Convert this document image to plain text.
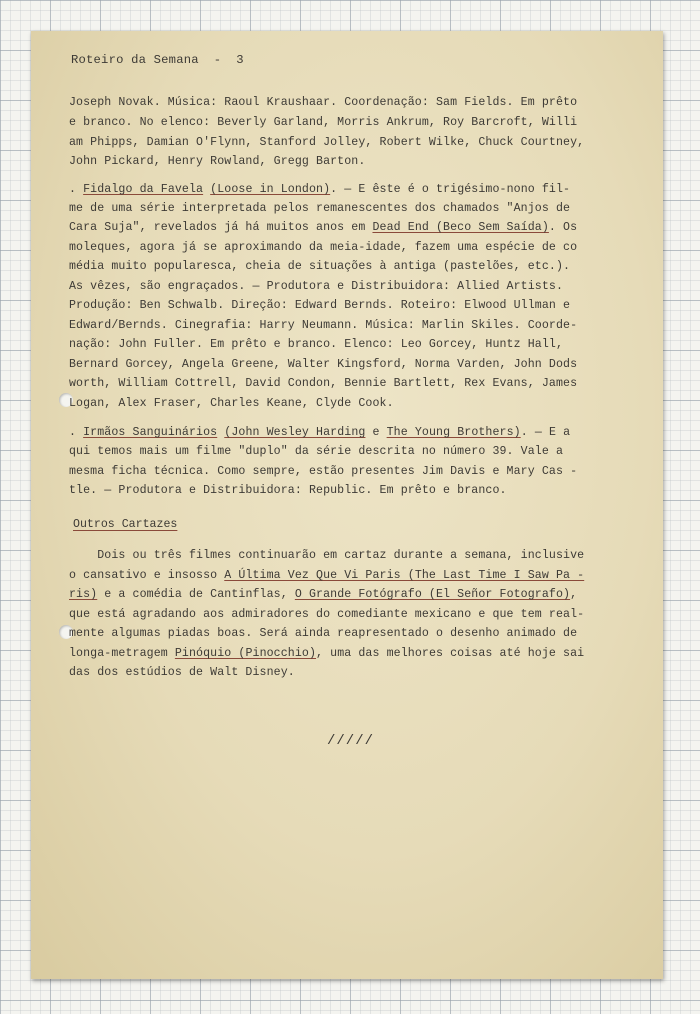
Roteiro da Semana  -  3
Joseph Novak. Música: Raoul Kraushaar. Coordenação: Sam Fields. Em prêto
e branco. No elenco: Beverly Garland, Morris Ankrum, Roy Barcroft, Willi
am Phipps, Damian O'Flynn, Stanford Jolley, Robert Wilke, Chuck Courtney,
John Pickard, Henry Rowland, Gregg Barton.
. Fidalgo da Favela (Loose in London). — E êste é o trigésimo-nono fil-
me de uma série interpretada pelos remanescentes dos chamados "Anjos de
Cara Suja", revelados já há muitos anos em Dead End (Beco Sem Saída). Os
moleques, agora já se aproximando da meia-idade, fazem uma espécie de co
média muito popularesca, cheia de situações à antiga (pastelões, etc.).
As vêzes, são engraçados. — Produtora e Distribuidora: Allied Artists.
Produção: Ben Schwalb. Direção: Edward Bernds. Roteiro: Elwood Ullman e
Edward/Bernds. Cinegrafia: Harry Neumann. Música: Marlin Skiles. Coorde-
nação: John Fuller. Em prêto e branco. Elenco: Leo Gorcey, Huntz Hall,
Bernard Gorcey, Angela Greene, Walter Kingsford, Norma Varden, John Dods
worth, William Cottrell, David Condon, Bennie Bartlett, Rex Evans, James
Logan, Alex Fraser, Charles Keane, Clyde Cook.
. Irmãos Sanguinários (John Wesley Harding e The Young Brothers). — E a
qui temos mais um filme "duplo" da série descrita no número 39. Vale a
mesma ficha técnica. Como sempre, estão presentes Jim Davis e Mary Cas -
tle. — Produtora e Distribuidora: Republic. Em prêto e branco.
Outros Cartazes
Dois ou três filmes continuarão em cartaz durante a semana, inclusive
o cansativo e insosso A Última Vez Que Vi Paris (The Last Time I Saw Pa -
ris) e a comédia de Cantinflas, O Grande Fotógrafo (El Señor Fotografo),
que está agradando aos admiradores do comediante mexicano e que tem real-
mente algumas piadas boas. Será ainda reapresentado o desenho animado de
longa-metragem Pinóquio (Pinocchio), uma das melhores coisas até hoje sai
das dos estúdios de Walt Disney.
/////
